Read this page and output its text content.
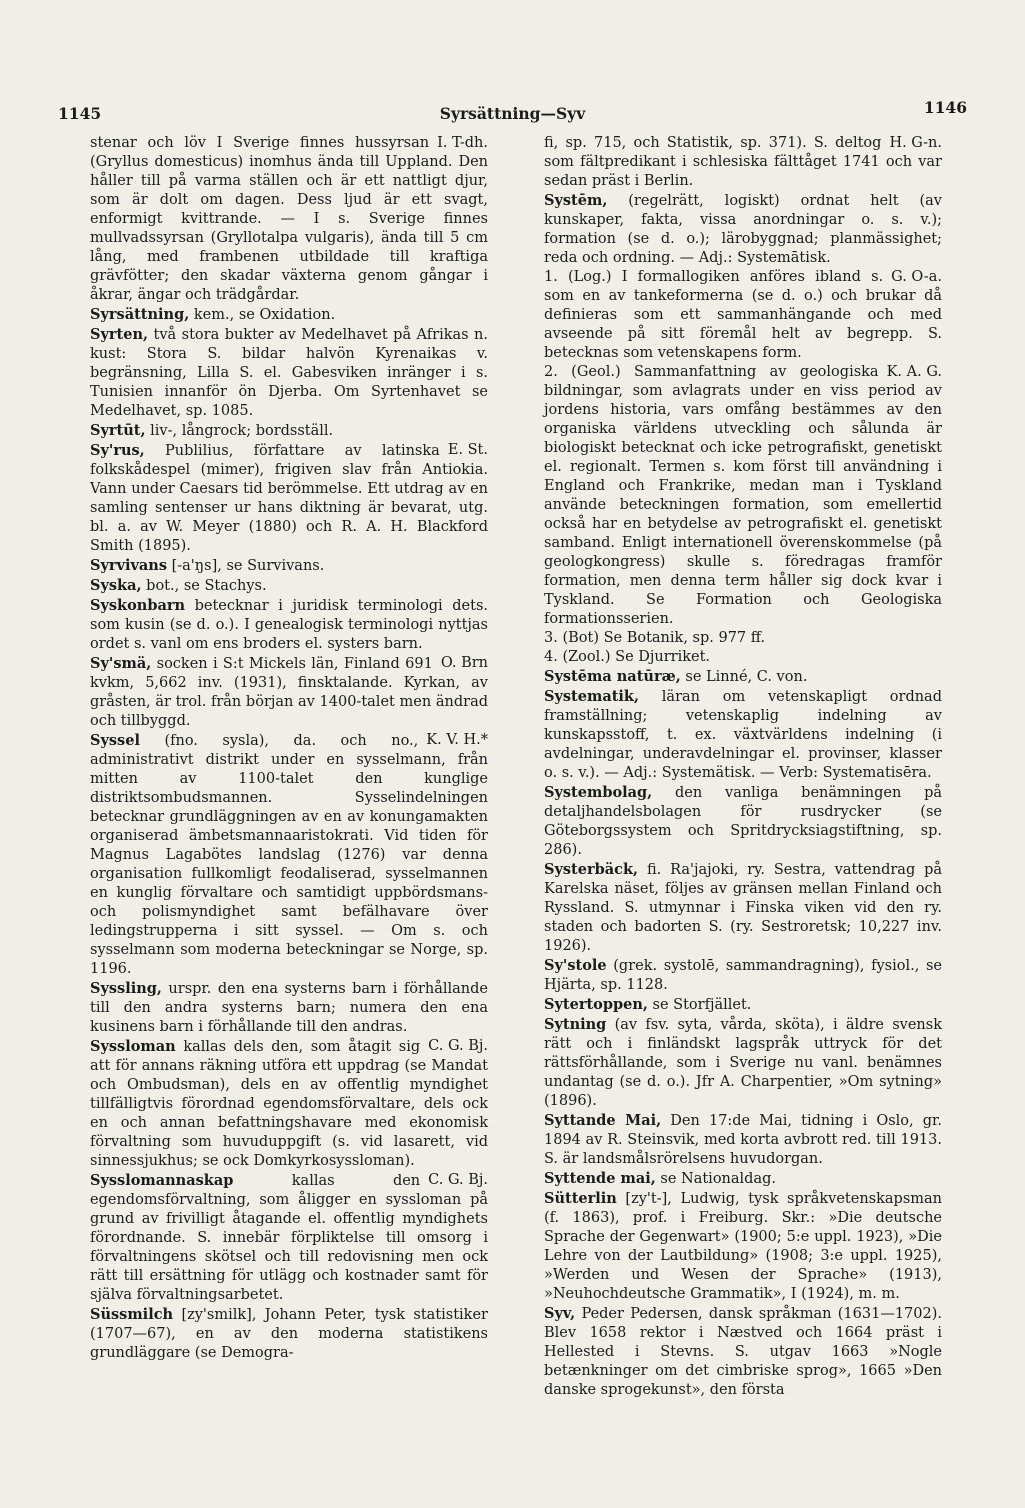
1145	Syrsättning—Syv	1146

I. T-dh.
stenar och löv I Sverige finnes hussyrsan (Gryllus domesticus) inomhus ända till Uppland. Den håller till på varma ställen och är ett nattligt djur, som är dolt om dagen. Dess ljud är ett svagt, enformigt kvittrande. — I s. Sverige finnes mullvadssyrsan (Gryllotalpa vulgaris), ända till 5 cm lång, med frambenen utbildade till kraftiga grävfötter; den skadar växterna genom gångar i åkrar, ängar och trädgårdar.

Syrsättning, kem., se Oxidation.

Syrten, två stora bukter av Medelhavet på Afrikas n. kust: Stora S. bildar halvön Kyrenaikas v. begränsning, Lilla S. el. Gabesviken inränger i s. Tunisien innanför ön Djerba. Om Syrtenhavet se Medelhavet, sp. 1085.

Syrtūt, liv-, långrock; bordsställ.

E. St.
Sy'rus, Publilius, författare av latinska folkskådespel (mimer), frigiven slav från Antiokia. Vann under Caesars tid berömmelse. Ett utdrag av en samling sentenser ur hans diktning är bevarat, utg. bl. a. av W. Meyer (1880) och R. A. H. Blackford Smith (1895).

Syrvivans [-a'ŋs], se Survivans.

Syska, bot., se Stachys.

Syskonbarn betecknar i juridisk terminologi dets. som kusin (se d. o.). I genealogisk terminologi nyttjas ordet s. vanl om ens broders el. systers barn.

O. Brn
Sy'smä, socken i S:t Mickels län, Finland 691 kvkm, 5,662 inv. (1931), finsktalande. Kyrkan, av gråsten, är trol. från början av 1400-talet men ändrad och tillbyggd.

K. V. H.*
Syssel (fno. sysla), da. och no., administrativt distrikt under en sysselmann, från mitten av 1100-talet den kunglige distriktsombudsmannen. Sysselindelningen betecknar grundläggningen av en av konungamakten organiserad ämbetsmannaaristokrati. Vid tiden för Magnus Lagabötes landslag (1276) var denna organisation fullkomligt feodaliserad, sysselmannen en kunglig förvaltare och samtidigt uppbördsmans- och polismyndighet samt befälhavare över ledingstrupperna i sitt syssel. — Om s. och sysselmann som moderna beteckningar se Norge, sp. 1196.

Syssling, urspr. den ena systerns barn i förhållande till den andra systerns barn; numera den ena kusinens barn i förhållande till den andras.

C. G. Bj.
Syssloman kallas dels den, som åtagit sig att för annans räkning utföra ett uppdrag (se Mandat och Ombudsman), dels en av offentlig myndighet tillfälligtvis förordnad egendomsförvaltare, dels ock en och annan befattningshavare med ekonomisk förvaltning som huvuduppgift (s. vid lasarett, vid sinnessjukhus; se ock Domkyrkosyssloman).

C. G. Bj.
Sysslomannaskap kallas den egendomsförvaltning, som åligger en syssloman på grund av frivilligt åtagande el. offentlig myndighets förordnande. S. innebär förpliktelse till omsorg i förvaltningens skötsel och till redovisning men ock rätt till ersättning för utlägg och kostnader samt för själva förvaltningsarbetet.

Süssmilch [zy'smilk], Johann Peter, tysk statistiker (1707—67), en av den moderna statistikens grundläggare (se Demogra-

H. G-n.
fi, sp. 715, och Statistik, sp. 371). S. deltog som fältpredikant i schlesiska fälttåget 1741 och var sedan präst i Berlin.

Systēm, (regelrätt, logiskt) ordnat helt (av kunskaper, fakta, vissa anordningar o. s. v.); formation (se d. o.); lärobyggnad; planmässighet; reda och ordning. — Adj.: Systemātisk.

G. O-a.
1. (Log.) I formallogiken anföres ibland s. som en av tankeformerna (se d. o.) och brukar då definieras som ett sammanhängande och med avseende på sitt föremål helt av begrepp. S. betecknas som vetenskapens form.

K. A. G.
2. (Geol.) Sammanfattning av geologiska bildningar, som avlagrats under en viss period av jordens historia, vars omfång bestämmes av den organiska världens utveckling och sålunda är biologiskt betecknat och icke petrografiskt, genetiskt el. regionalt. Termen s. kom först till användning i England och Frankrike, medan man i Tyskland använde beteckningen formation, som emellertid också har en betydelse av petrografiskt el. genetiskt samband. Enligt internationell överenskommelse (på geologkongress) skulle s. föredragas framför formation, men denna term håller sig dock kvar i Tyskland. Se Formation och Geologiska formationsserien.

3. (Bot) Se Botanik, sp. 977 ff.

4. (Zool.) Se Djurriket.

Systēma natūræ, se Linné, C. von.

Systematik, läran om vetenskapligt ordnad framställning; vetenskaplig indelning av kunskapsstoff, t. ex. växtvärldens indelning (i avdelningar, underavdelningar el. provinser, klasser o. s. v.). — Adj.: Systemätisk. — Verb: Systematisēra.

Systembolag, den vanliga benämningen på detaljhandelsbolagen för rusdrycker (se Göteborgssystem och Spritdrycksiagstiftning, sp. 286).

Systerbäck, fi. Ra'jajoki, ry. Sestra, vattendrag på Karelska näset, följes av gränsen mellan Finland och Ryssland. S. utmynnar i Finska viken vid den ry. staden och badorten S. (ry. Sestroretsk; 10,227 inv. 1926).

Sy'stole (grek. systolē, sammandragning), fysiol., se Hjärta, sp. 1128.

Sytertoppen, se Storfjället.

Sytning (av fsv. syta, vårda, sköta), i äldre svensk rätt och i finländskt lagspråk uttryck för det rättsförhållande, som i Sverige nu vanl. benämnes undantag (se d. o.). Jfr A. Charpentier, »Om sytning» (1896).

Syttande Mai, Den 17:de Mai, tidning i Oslo, gr. 1894 av R. Steinsvik, med korta avbrott red. till 1913. S. är landsmålsrörelsens huvudorgan.

Syttende mai, se Nationaldag.

Sütterlin [zy't-], Ludwig, tysk språkvetenskapsman (f. 1863), prof. i Freiburg. Skr.: »Die deutsche Sprache der Gegenwart» (1900; 5:e uppl. 1923), »Die Lehre von der Lautbildung» (1908; 3:e uppl. 1925), »Werden und Wesen der Sprache» (1913), »Neuhochdeutsche Grammatik», I (1924), m. m.

Syv, Peder Pedersen, dansk språkman (1631—1702). Blev 1658 rektor i Næstved och 1664 präst i Hellested i Stevns. S. utgav 1663 »Nogle betænkninger om det cimbriske sprog», 1665 »Den danske sprogekunst», den första
